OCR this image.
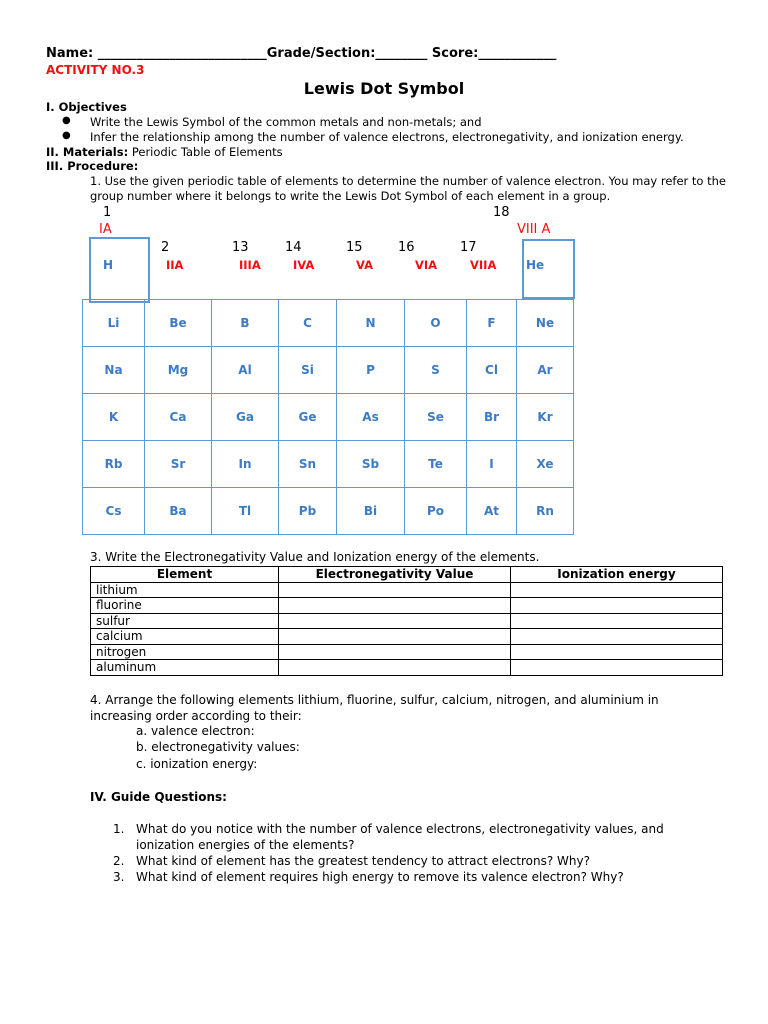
Name: __________________________Grade/Section:________ Score:____________
ACTIVITY NO.3
Lewis Dot Symbol
I. Objectives
● Write the Lewis Symbol of the common metals and non-metals; and
● Infer the relationship among the number of valence electrons, electronegativity, and ionization energy.
II. Materials: Periodic Table of Elements
III. Procedure:
1. Use the given periodic table of elements to determine the number of valence electron. You may refer to the
group number where it belongs to write the Lewis Dot Symbol of each element in a group.
1	18
IA	VIII A
2	13	14	15	16	17
IIA	IIIA	IVA	VA	VIA	VIIA
H	He
Li	Be	B	C	N	O	F	Ne
Na	Mg	Al	Si	P	S	Cl	Ar
K	Ca	Ga	Ge	As	Se	Br	Kr
Rb	Sr	In	Sn	Sb	Te	I	Xe
Cs	Ba	Tl	Pb	Bi	Po	At	Rn
3. Write the Electronegativity Value and Ionization energy of the elements.
Element	Electronegativity Value	Ionization energy
lithium		
fluorine		
sulfur		
calcium		
nitrogen		
aluminum		
4. Arrange the following elements lithium, fluorine, sulfur, calcium, nitrogen, and aluminium in
increasing order according to their:
a. valence electron:
b. electronegativity values:
c. ionization energy:
IV. Guide Questions:
1. What do you notice with the number of valence electrons, electronegativity values, and
ionization energies of the elements?
2. What kind of element has the greatest tendency to attract electrons? Why?
3. What kind of element requires high energy to remove its valence electron? Why?
